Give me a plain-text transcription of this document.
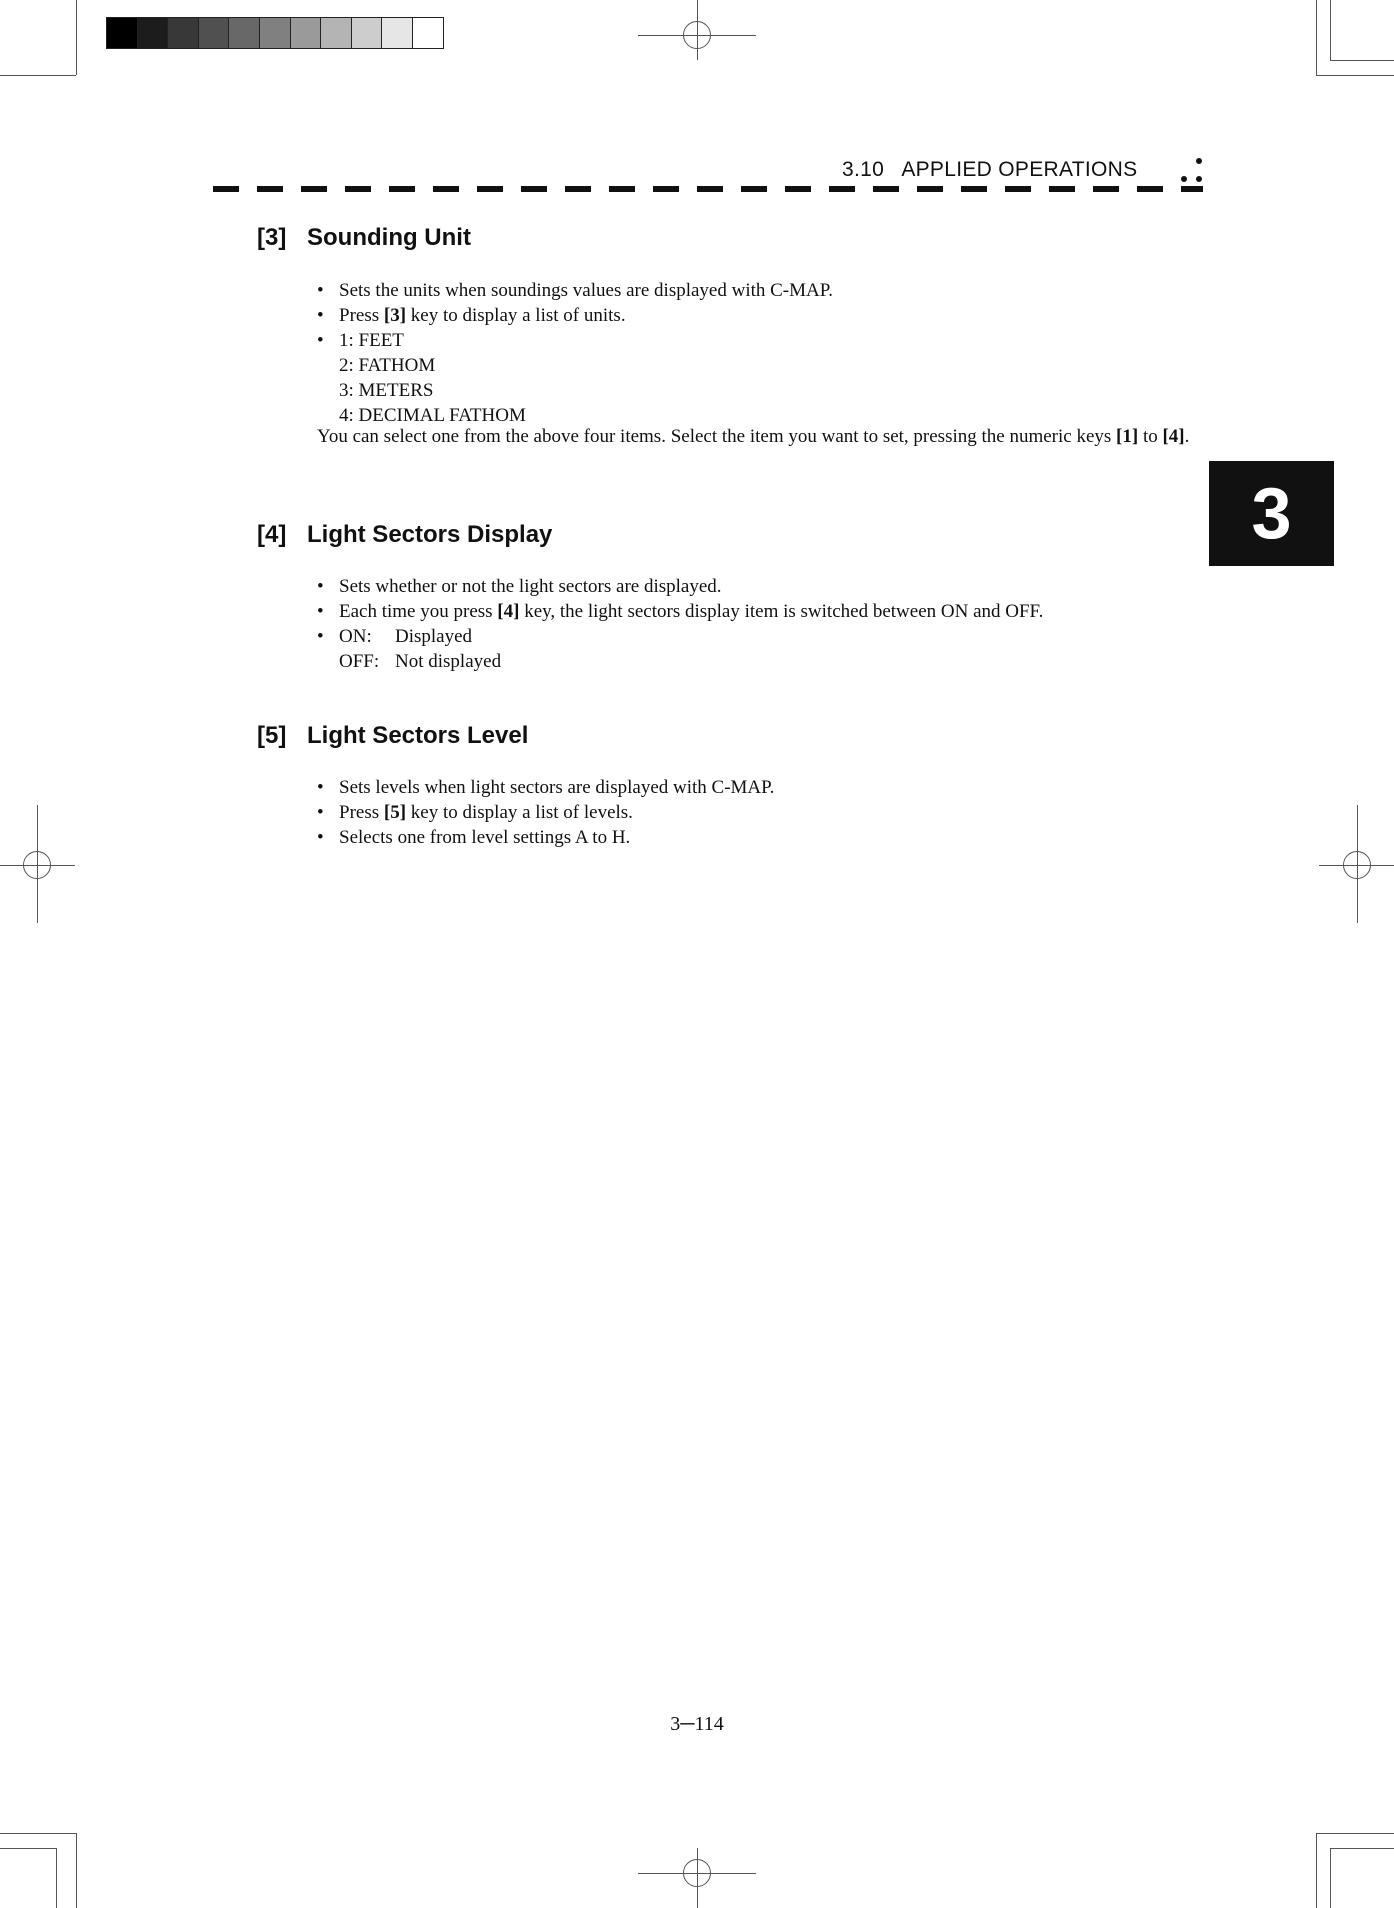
3.10   APPLIED OPERATIONS
3
[3] Sounding Unit
• Sets the units when soundings values are displayed with C-MAP.
• Press [3] key to display a list of units.
• 1: FEET
2: FATHOM
3: METERS
4: DECIMAL FATHOM

You can select one from the above four items. Select the item you want to set, pressing the numeric keys [1] to [4].

[4] Light Sectors Display
• Sets whether or not the light sectors are displayed.
• Each time you press [4] key, the light sectors display item is switched between ON and OFF.
• ON: Displayed
OFF: Not displayed
[5] Light Sectors Level
• Sets levels when light sectors are displayed with C-MAP.
• Press [5] key to display a list of levels.
• Selects one from level settings A to H.
3─114
